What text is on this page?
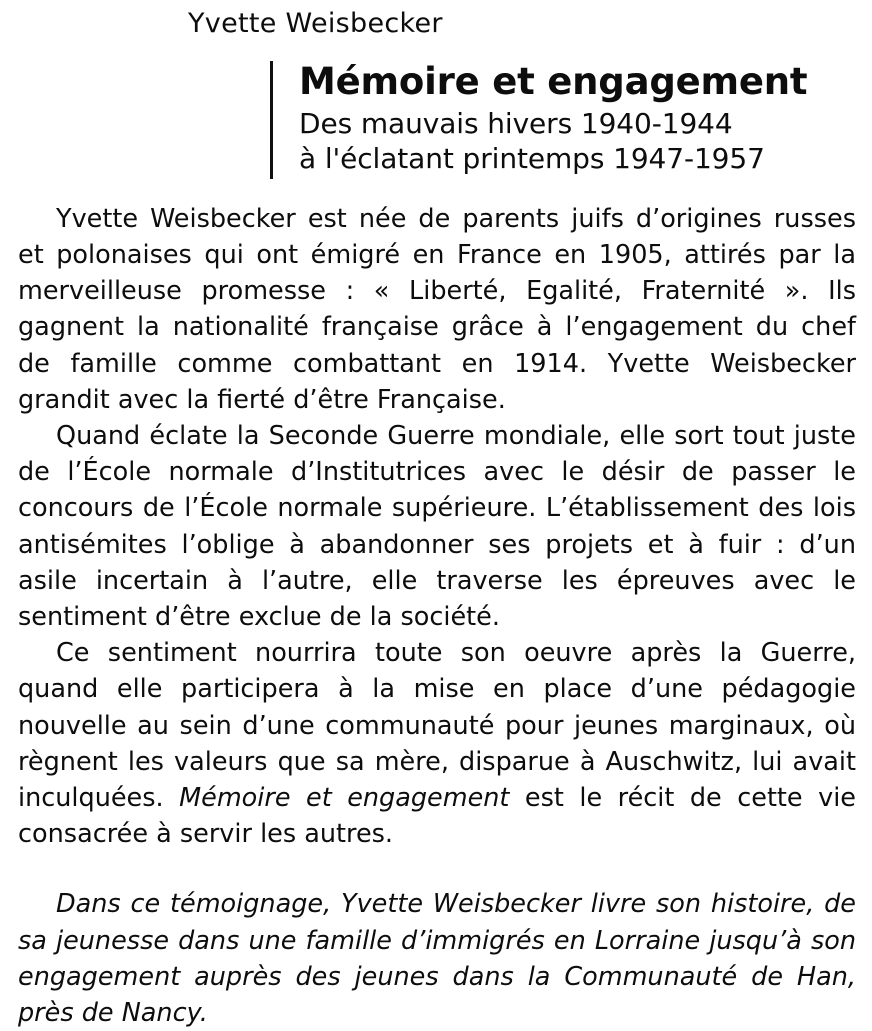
Yvette Weisbecker
Mémoire et engagement
Des mauvais hivers 1940-1944
à l'éclatant printemps 1947-1957

Yvette Weisbecker est née de parents juifs d’origines russes et polonaises qui ont émigré en France en 1905, attirés par la merveilleuse promesse : « Liberté, Egalité, Fraternité ». Ils gagnent la nationalité française grâce à l’engagement du chef de famille comme combattant en 1914. Yvette Weisbecker grandit avec la fierté d’être Française.

Quand éclate la Seconde Guerre mondiale, elle sort tout juste de l’École normale d’Institutrices avec le désir de passer le concours de l’École normale supérieure. L’établissement des lois antisémites l’oblige à abandonner ses projets et à fuir : d’un asile incertain à l’autre, elle traverse les épreuves avec le sentiment d’être exclue de la société.

Ce sentiment nourrira toute son oeuvre après la Guerre, quand elle participera à la mise en place d’une pédagogie nouvelle au sein d’une communauté pour jeunes marginaux, où règnent les valeurs que sa mère, disparue à Auschwitz, lui avait inculquées. Mémoire et engagement est le récit de cette vie consacrée à servir les autres.

Dans ce témoignage, Yvette Weisbecker livre son histoire, de sa jeunesse dans une famille d’immigrés en Lorraine jusqu’à son engagement auprès des jeunes dans la Communauté de Han, près de Nancy.
